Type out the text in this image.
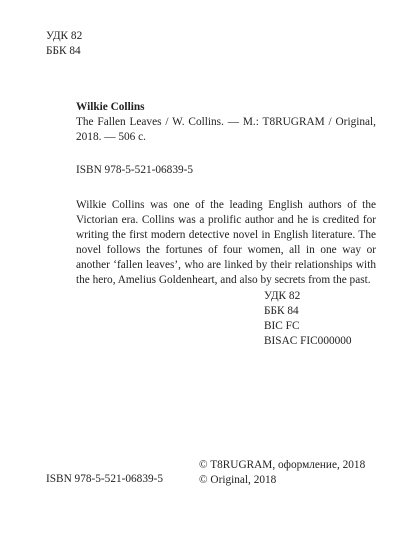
УДК 82
ББК 84
Wilkie Collins
The Fallen Leaves / W. Collins. — M.: T8RUGRAM / Original, 2018. — 506 c.
ISBN 978-5-521-06839-5
Wilkie Collins was one of the leading English authors of the Victorian era. Collins was a prolific author and he is credited for writing the first modern detective novel in English literature. The novel follows the fortunes of four women, all in one way or another ‘fallen leaves’, who are linked by their relationships with the hero, Amelius Goldenheart, and also by secrets from the past.
УДК 82
ББК 84
BIC FC
BISAC FIC000000
ISBN 978-5-521-06839-5
© T8RUGRAM, оформление, 2018
© Original, 2018
